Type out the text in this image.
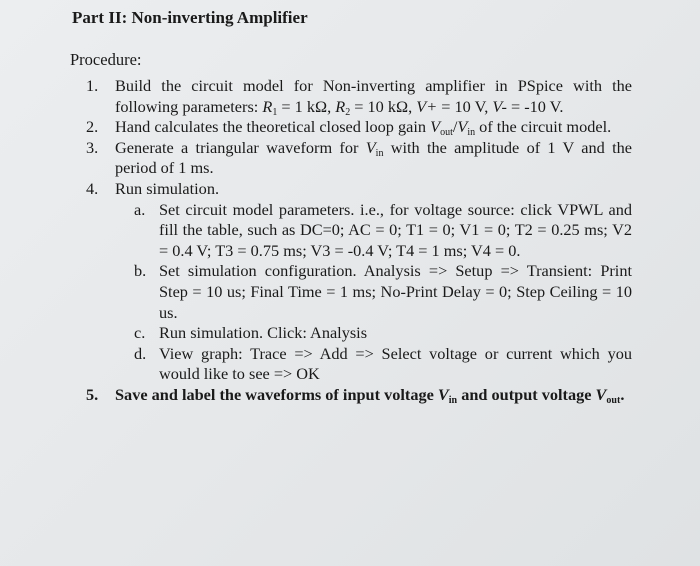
Part II: Non-inverting Amplifier
Procedure:
1.	Build the circuit model for Non-inverting amplifier in PSpice with the following parameters: $R_1 = 1$ kΩ, $R_2 = 10$ kΩ, V+ = 10 V, V- = -10 V.
2.	Hand calculates the theoretical closed loop gain $V_{out}/V_{in}$ of the circuit model.
3.	Generate a triangular waveform for $V_{in}$ with the amplitude of 1 V and the period of 1 ms.
4.	Run simulation.
a. Set circuit model parameters. i.e., for voltage source: click VPWL and fill the table, such as DC=0; AC = 0; T1 = 0; V1 = 0; T2 = 0.25 ms; V2 = 0.4 V; T3 = 0.75 ms; V3 = -0.4 V; T4 = 1 ms; V4 = 0.
b. Set simulation configuration. Analysis => Setup => Transient: Print Step = 10 us; Final Time = 1 ms; No-Print Delay = 0; Step Ceiling = 10 us.
c. Run simulation. Click: Analysis
d. View graph: Trace => Add => Select voltage or current which you would like to see => OK
5.	Save and label the waveforms of input voltage $V_{in}$ and output voltage $V_{out}$.
